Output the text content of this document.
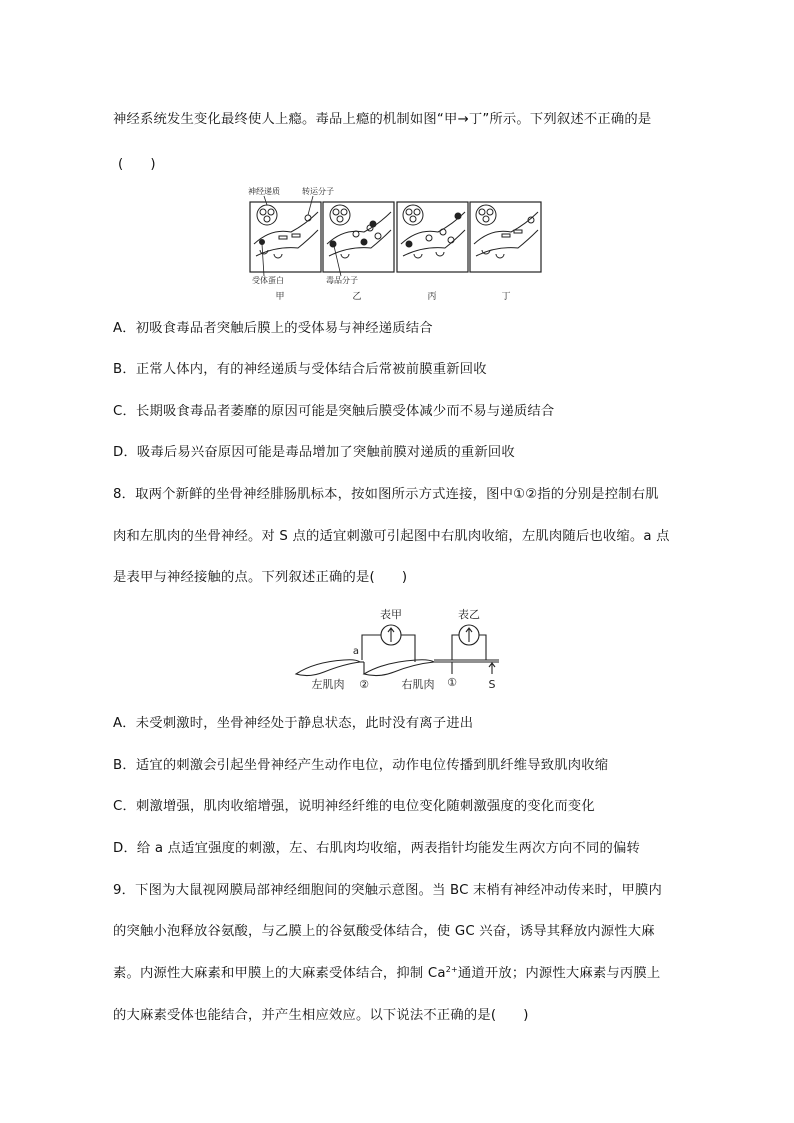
神经系统发生变化最终使人上瘾。毒品上瘾的机制如图“甲→丁”所示。下列叙述不正确的是
(　　)
神经递质	转运分子
受体蛋白	毒品分子
甲	乙	丙	丁
A．初吸食毒品者突触后膜上的受体易与神经递质结合
B．正常人体内，有的神经递质与受体结合后常被前膜重新回收
C．长期吸食毒品者萎靡的原因可能是突触后膜受体减少而不易与递质结合
D．吸毒后易兴奋原因可能是毒品增加了突触前膜对递质的重新回收
8．取两个新鲜的坐骨神经腓肠肌标本，按如图所示方式连接，图中①②指的分别是控制右肌
肉和左肌肉的坐骨神经。对 S 点的适宜刺激可引起图中右肌肉收缩，左肌肉随后也收缩。a 点
是表甲与神经接触的点。下列叙述正确的是(　　)
表甲	表乙
a
左肌肉 ②	右肌肉 ①	S
A．未受刺激时，坐骨神经处于静息状态，此时没有离子进出
B．适宜的刺激会引起坐骨神经产生动作电位，动作电位传播到肌纤维导致肌肉收缩
C．刺激增强，肌肉收缩增强，说明神经纤维的电位变化随刺激强度的变化而变化
D．给 a 点适宜强度的刺激，左、右肌肉均收缩，两表指针均能发生两次方向不同的偏转
9．下图为大鼠视网膜局部神经细胞间的突触示意图。当 BC 末梢有神经冲动传来时，甲膜内
的突触小泡释放谷氨酸，与乙膜上的谷氨酸受体结合，使 GC 兴奋，诱导其释放内源性大麻
素。内源性大麻素和甲膜上的大麻素受体结合，抑制 $Ca^{2+}$通道开放；内源性大麻素与丙膜上
的大麻素受体也能结合，并产生相应效应。以下说法不正确的是(　　)
